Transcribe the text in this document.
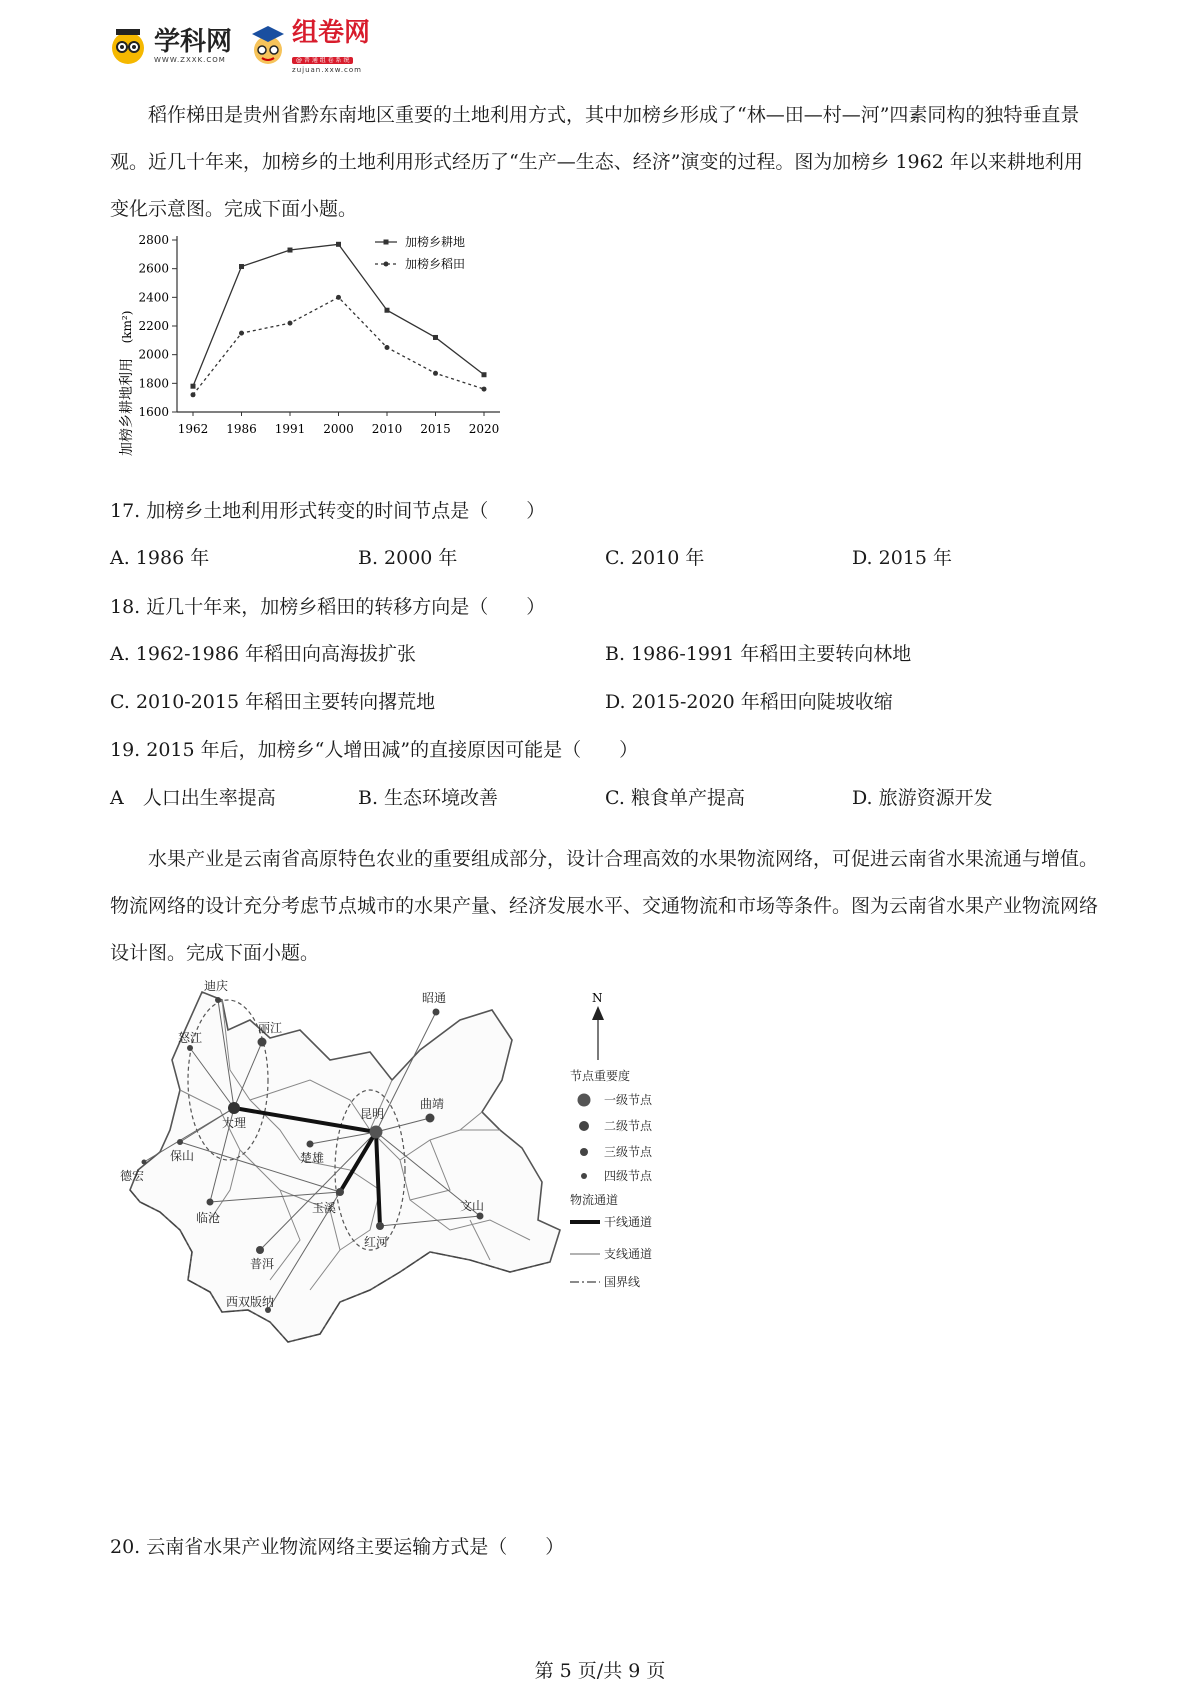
学科网
WWW.ZXXK.COM
组卷网
@ 普 通 组 卷 系 统
zujuan.xxw.com

稻作梯田是贵州省黔东南地区重要的土地利用方式，其中加榜乡形成了“林—田—村—河”四素同构的独特垂直景观。近几十年来，加榜乡的土地利用形式经历了“生产—生态、经济”演变的过程。图为加榜乡 1962 年以来耕地利用变化示意图。完成下面小题。

2800
2600
2400
2200
2000
1800
1600
1962 1986 1991 2000 2010 2015 2020
加榜乡耕地
加榜乡稻田
加榜乡耕地利用
(km²)
17. 加榜乡土地利用形式转变的时间节点是（　　）
A. 1986 年	B. 2000 年	C. 2010 年	D. 2015 年
18. 近几十年来，加榜乡稻田的转移方向是（　　）
A. 1962-1986 年稻田向高海拔扩张	B. 1986-1991 年稻田主要转向林地
C. 2010-2015 年稻田主要转向撂荒地	D. 2015-2020 年稻田向陡坡收缩
19. 2015 年后，加榜乡“人增田减”的直接原因可能是（　　）
A　人口出生率提高	B. 生态环境改善	C. 粮食单产提高	D. 旅游资源开发

水果产业是云南省高原特色农业的重要组成部分，设计合理高效的水果物流网络，可促进云南省水果流通与增值。物流网络的设计充分考虑节点城市的水果产量、经济发展水平、交通物流和市场等条件。图为云南省水果产业物流网络设计图。完成下面小题。

迪庆
丽江
怒江
大理
保山
德宏
临沧
楚雄
昆明
曲靖
昭通
玉溪
红河
文山
普洱
西双版纳
N
节点重要度
一级节点
二级节点
三级节点
四级节点
物流通道
干线通道
支线通道
国界线
20. 云南省水果产业物流网络主要运输方式是（　　）
第 5 页/共 9 页
